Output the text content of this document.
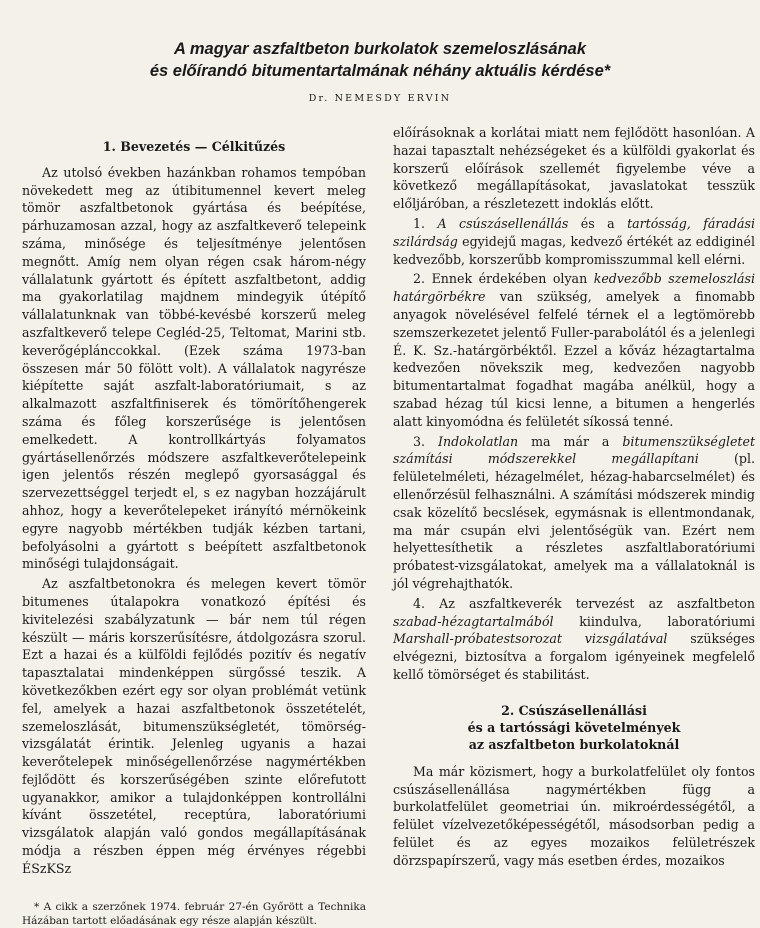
A magyar aszfaltbeton burkolatok szemeloszlásának
és előírandó bitumentartalmának néhány aktuális kérdése*
Dr. NEMESDY ERVIN

1. Bevezetés — Célkitűzés

Az utolsó években hazánkban rohamos tempóban növekedett meg az útibitumennel kevert meleg tömör aszfaltbetonok gyártása és beépítése, párhuzamosan azzal, hogy az aszfaltkeverő telepeink száma, minősége és teljesítménye jelentősen megnőtt. Amíg nem olyan régen csak három-négy vállalatunk gyártott és épített aszfaltbetont, addig ma gyakorlatilag majdnem mindegyik útépítő vállalatunknak van többé-kevésbé korszerű meleg aszfaltkeverő telepe Cegléd-25, Teltomat, Marini stb. keverőgéplánccokkal. (Ezek száma 1973-ban összesen már 50 fölött volt). A vállalatok nagyrésze kiépítette saját aszfalt-laboratóriumait, s az alkalmazott aszfaltfiniserek és tömörítőhengerek száma és főleg korszerűsége is jelentősen emelkedett. A kontrollkártyás folyamatos gyártásellenőrzés módszere aszfaltkeverőtelepeink igen jelentős részén meglepő gyorsasággal és szervezettséggel terjedt el, s ez nagyban hozzájárult ahhoz, hogy a keverőtelepeket irányító mérnökeink egyre nagyobb mértékben tudják kézben tartani, befolyásolni a gyártott s beépített aszfaltbetonok minőségi tulajdonságait.

Az aszfaltbetonokra és melegen kevert tömör bitumenes útalapokra vonatkozó építési és kivitelezési szabályzatunk — bár nem túl régen készült — máris korszerűsítésre, átdolgozásra szorul. Ezt a hazai és a külföldi fejlődés pozitív és negatív tapasztalatai mindenképpen sürgőssé teszik. A következőkben ezért egy sor olyan problémát vetünk fel, amelyek a hazai aszfaltbetonok összetételét, szemeloszlását, bitumenszükségletét, tömörség-vizsgálatát érintik. Jelenleg ugyanis a hazai keverőtelepek minőségellenőrzése nagymértékben fejlődött és korszerűségében szinte előrefutott ugyanakkor, amikor a tulajdonképpen kontrollálni kívánt összetétel, receptúra, laboratóriumi vizsgálatok alapján való gondos megállapításának módja a részben éppen még érvényes régebbi ÉSzKSz

* A cikk a szerzőnek 1974. február 27-én Győrött a Technika Házában tartott előadásának egy része alapján készült.

előírásoknak a korlátai miatt nem fejlődött hasonlóan. A hazai tapasztalt nehézségeket és a külföldi gyakorlat és korszerű előírások szellemét figyelembe véve a következő megállapításokat, javaslatokat tesszük előljáróban, a részletezett indoklás előtt.

1. A csúszásellenállás és a tartósság, fáradási szilárdság egyidejű magas, kedvező értékét az eddiginél kedvezőbb, korszerűbb kompromisszummal kell elérni.

2. Ennek érdekében olyan kedvezőbb szemeloszlási határgörbékre van szükség, amelyek a finomabb anyagok növelésével felfelé térnek el a legtömörebb szemszerkezetet jelentő Fuller-parabolától és a jelenlegi É. K. Sz.-határgörbéktől. Ezzel a kőváz hézagtartalma kedvezően növekszik meg, kedvezően nagyobb bitumentartalmat fogadhat magába anélkül, hogy a szabad hézag túl kicsi lenne, a bitumen a hengerlés alatt kinyomódna és felületét síkossá tenné.

3. Indokolatlan ma már a bitumenszükségletet számítási módszerekkel megállapítani (pl. felületelméleti, hézagelmélet, hézag-habarcselmélet) és ellenőrzésül felhasználni. A számítási módszerek mindig csak közelítő becslések, egymásnak is ellentmondanak, ma már csupán elvi jelentőségük van. Ezért nem helyettesíthetik a részletes aszfaltlaboratóriumi próbatest-vizsgálatokat, amelyek ma a vállalatoknál is jól végrehajthatók.

4. Az aszfaltkeverék tervezést az aszfaltbeton szabad-hézagtartalmából kiindulva, laboratóriumi Marshall-próbatestsorozat vizsgálatával szükséges elvégezni, biztosítva a forgalom igényeinek megfelelő kellő tömörséget és stabilitást.

2. Csúszásellenállási
és a tartóssági követelmények
az aszfaltbeton burkolatoknál

Ma már közismert, hogy a burkolatfelület oly fontos csúszásellenállása nagymértékben függ a burkolatfelület geometriai ún. mikroérdességétől, a felület vízelvezetőképességétől, másodsorban pedig a felület és az egyes mozaikos felületrészek dörzspapírszerű, vagy más esetben érdes, mozaikos
